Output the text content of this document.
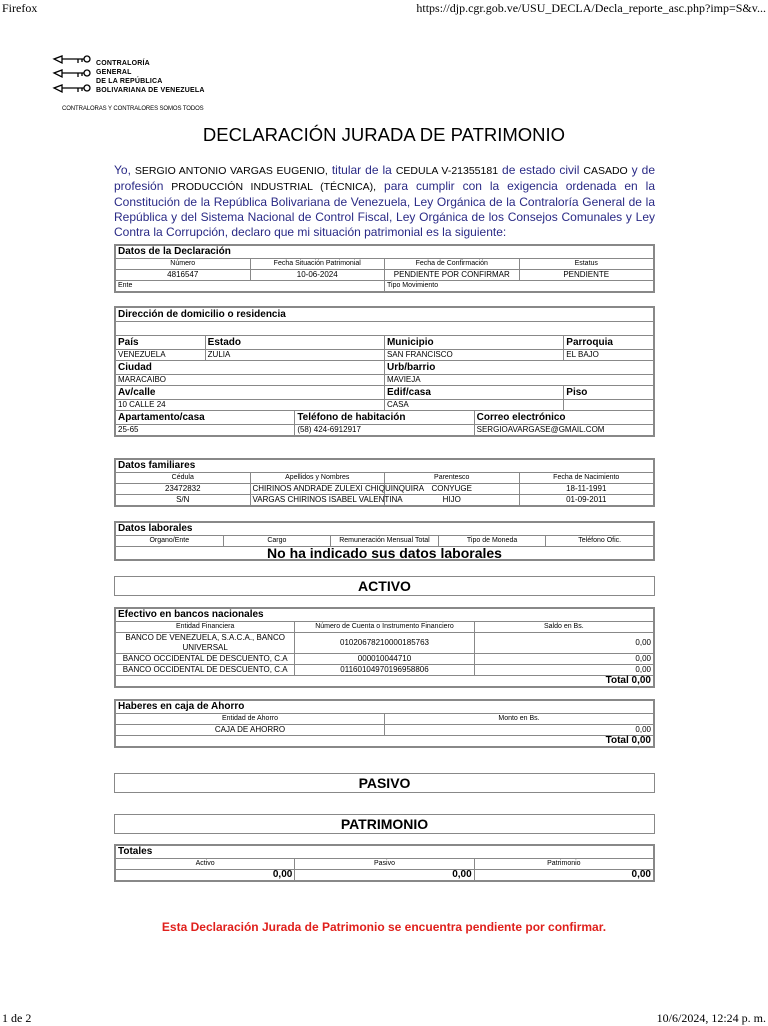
Firefox	https://djp.cgr.gob.ve/USU_DECLA/Decla_reporte_asc.php?imp=S&v...
1 de 2	10/6/2024, 12:24 p. m.
CONTRALORÍA
GENERAL
DE LA REPÚBLICA
BOLIVARIANA DE VENEZUELA
CONTRALORAS Y CONTRALORES SOMOS TODOS
DECLARACIÓN JURADA DE PATRIMONIO
Yo, SERGIO ANTONIO VARGAS EUGENIO, titular de la CEDULA V-21355181 de estado civil CASADO y de profesión PRODUCCIÓN INDUSTRIAL (TÉCNICA), para cumplir con la exigencia ordenada en la Constitución de la República Bolivariana de Venezuela, Ley Orgánica de la Contraloría General de la República y del Sistema Nacional de Control Fiscal, Ley Orgánica de los Consejos Comunales y Ley Contra la Corrupción, declaro que mi situación patrimonial es la siguiente:
Datos de la Declaración			
Número	Fecha Situación Patrimonial	Fecha de Confirmación	Estatus
4816547	10-06-2024	PENDIENTE POR CONFIRMAR	PENDIENTE
Ente		Tipo Movimiento	
Dirección de domicilio o residencia					

País	Estado		Municipio		Parroquia
VENEZUELA	ZULIA		SAN FRANCISCO		EL BAJO
Ciudad			Urb/barrio		
MARACAIBO			MAVIEJA		
Av/calle			Edif/casa		Piso
10 CALLE 24			CASA		
Apartamento/casa		Teléfono de habitación		Correo electrónico	
25-65		(58) 424-6912917		SERGIOAVARGASE@GMAIL.COM	
Datos familiares			
Cédula	Apellidos y Nombres	Parentesco	Fecha de Nacimiento
23472832	CHIRINOS ANDRADE ZULEXI CHIQUINQUIRA	CONYUGE	18-11-1991
S/N	VARGAS CHIRINOS ISABEL VALENTINA	HIJO	01-09-2011
Datos laborales
Organo/Ente	Cargo	Remuneración Mensual Total	Tipo de Moneda	Teléfono Ofic.
No ha indicado sus datos laborales
ACTIVO
Efectivo en bancos nacionales		
Entidad Financiera	Número de Cuenta o Instrumento Financiero	Saldo en Bs.
BANCO DE VENEZUELA, S.A.C.A., BANCO UNIVERSAL	01020678210000185763	0,00
BANCO OCCIDENTAL DE DESCUENTO, C.A	000010044710	0,00
BANCO OCCIDENTAL DE DESCUENTO, C.A	01160104970196958806	0,00
Total 0,00		
Haberes en caja de Ahorro	
Entidad de Ahorro	Monto en Bs.
CAJA DE AHORRO	0,00
Total 0,00	
PASIVO
PATRIMONIO
Totales		
Activo	Pasivo	Patrimonio
0,00	0,00	0,00
Esta Declaración Jurada de Patrimonio se encuentra pendiente por confirmar.
